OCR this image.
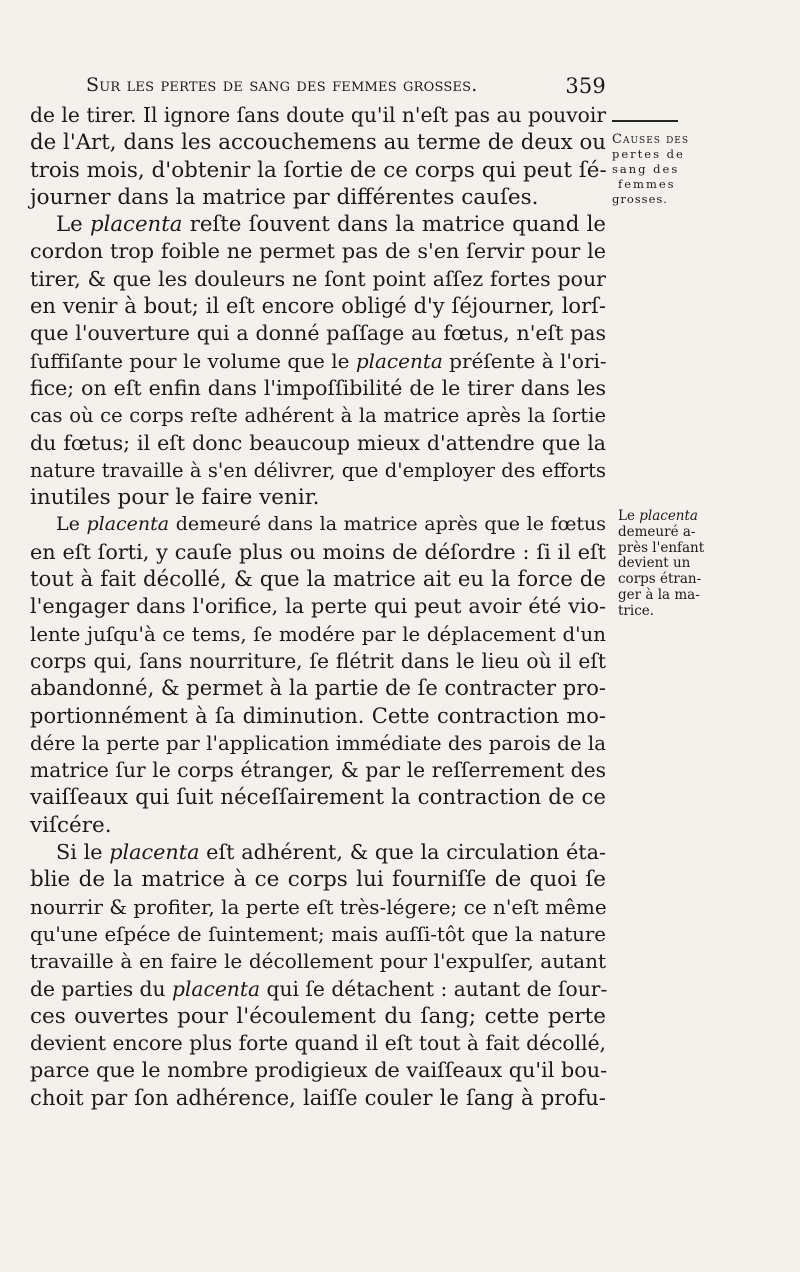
Sur les pertes de sang des femmes grosses.	359
de le tirer. Il ignore ſans doute qu'il n'eſt pas au pouvoir
de l'Art, dans les accouchemens au terme de deux ou
trois mois, d'obtenir la ſortie de ce corps qui peut ſé-
journer dans la matrice par différentes cauſes.
Le placenta reſte ſouvent dans la matrice quand le
cordon trop foible ne permet pas de s'en ſervir pour le
tirer, & que les douleurs ne ſont point aſſez fortes pour
en venir à bout; il eſt encore obligé d'y ſéjourner, lorſ-
que l'ouverture qui a donné paſſage au fœtus, n'eſt pas
ſuffiſante pour le volume que le placenta préſente à l'ori-
fice; on eſt enfin dans l'impoſſibilité de le tirer dans les
cas où ce corps reſte adhérent à la matrice après la ſortie
du fœtus; il eſt donc beaucoup mieux d'attendre que la
nature travaille à s'en délivrer, que d'employer des efforts
inutiles pour le faire venir.
Le placenta demeuré dans la matrice après que le fœtus
en eſt ſorti, y cauſe plus ou moins de déſordre : ſi il eſt
tout à fait décollé, & que la matrice ait eu la force de
l'engager dans l'orifice, la perte qui peut avoir été vio-
lente juſqu'à ce tems, ſe modére par le déplacement d'un
corps qui, ſans nourriture, ſe flétrit dans le lieu où il eſt
abandonné, & permet à la partie de ſe contracter pro-
portionnément à ſa diminution. Cette contraction mo-
dére la perte par l'application immédiate des parois de la
matrice ſur le corps étranger, & par le reſſerrement des
vaiſſeaux qui ſuit néceſſairement la contraction de ce
viſcére.
Si le placenta eſt adhérent, & que la circulation éta-
blie de la matrice à ce corps lui fourniſſe de quoi ſe
nourrir & profiter, la perte eſt très-légere; ce n'eſt même
qu'une eſpéce de ſuintement; mais auſſi-tôt que la nature
travaille à en faire le décollement pour l'expulſer, autant
de parties du placenta qui ſe détachent : autant de ſour-
ces ouvertes pour l'écoulement du ſang; cette perte
devient encore plus forte quand il eſt tout à fait décollé,
parce que le nombre prodigieux de vaiſſeaux qu'il bou-
choit par ſon adhérence, laiſſe couler le ſang à profu-
Causes des
pertes de
sang des
femmes
grosses.
Le placenta
demeuré a-
près l'enfant
devient un
corps étran-
ger à la ma-
trice.
